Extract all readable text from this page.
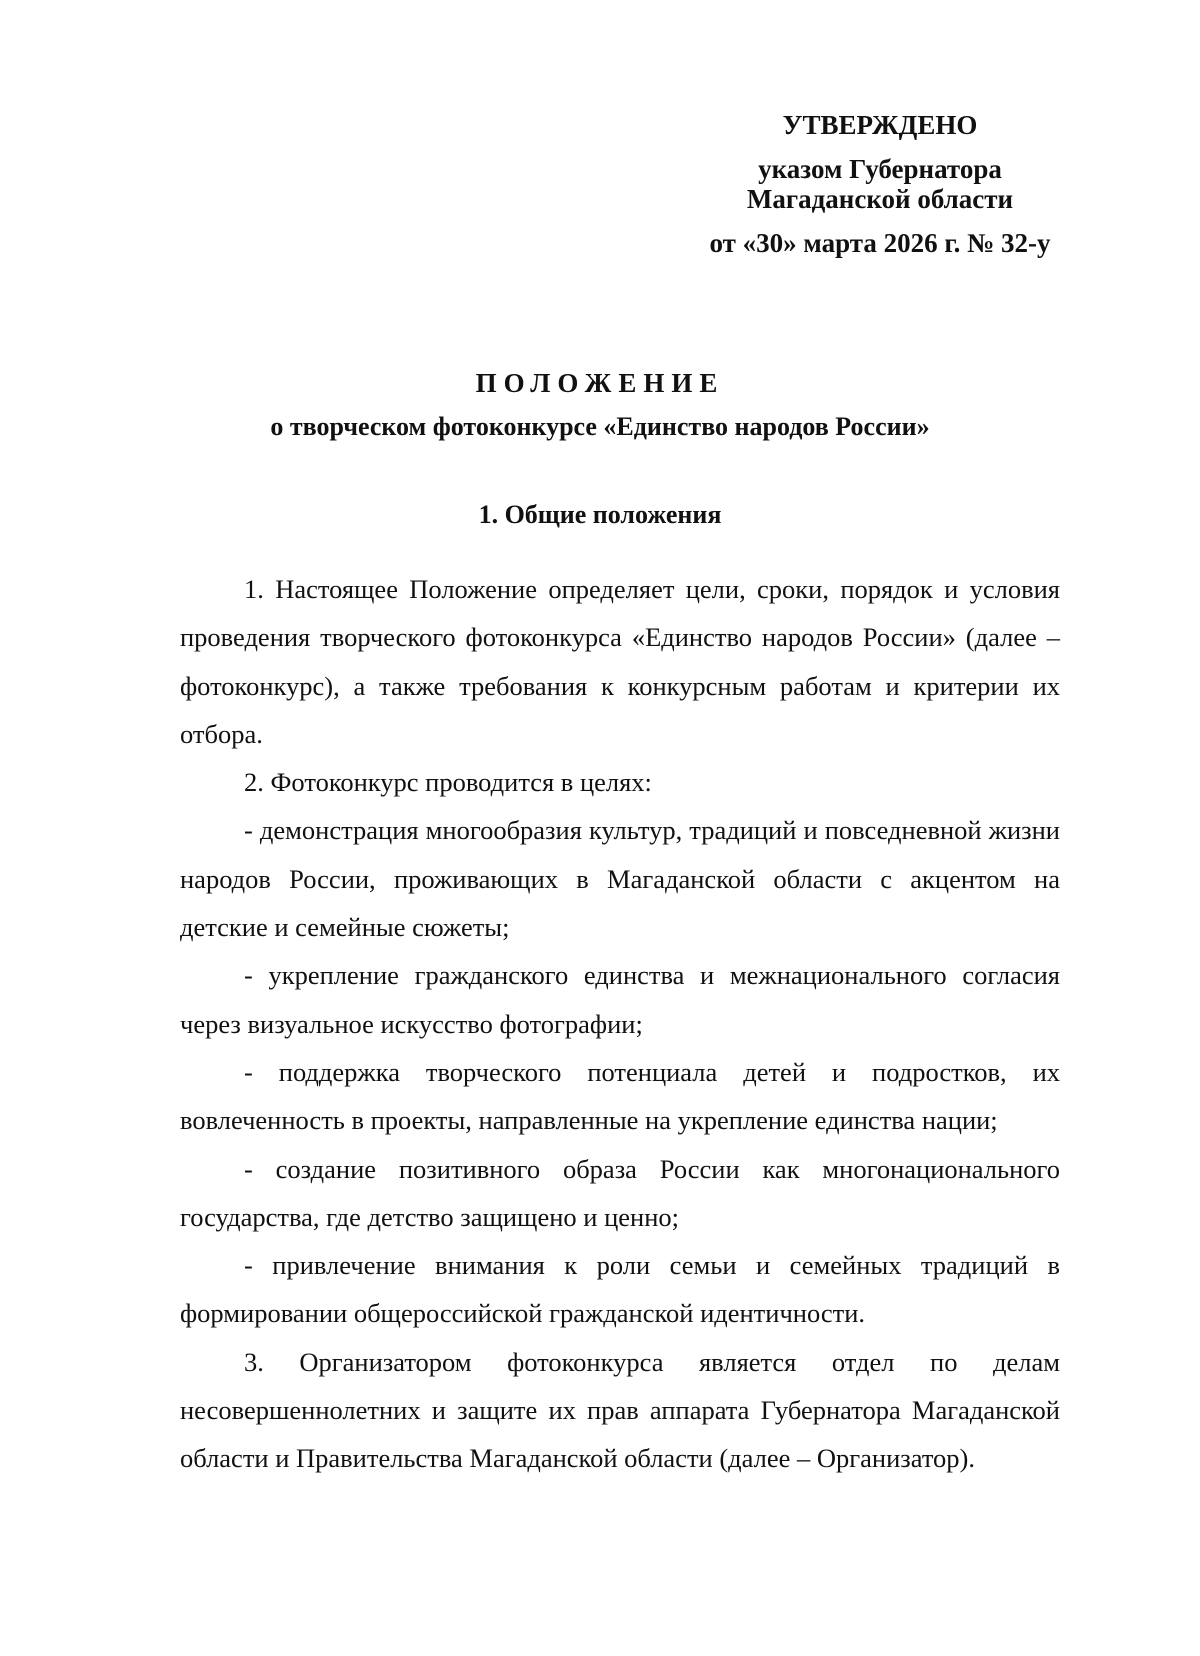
УТВЕРЖДЕНО
указом Губернатора
Магаданской области
от «30» марта 2026 г. № 32-у
ПОЛОЖЕНИЕ
о творческом фотоконкурсе «Единство народов России»
1. Общие положения

1. Настоящее Положение определяет цели, сроки, порядок и условия проведения творческого фотоконкурса «Единство народов России» (далее – фотоконкурс), а также требования к конкурсным работам и критерии их отбора.

2. Фотоконкурс проводится в целях:

- демонстрация многообразия культур, традиций и повседневной жизни народов России, проживающих в Магаданской области с акцентом на детские и семейные сюжеты;

- укрепление гражданского единства и межнационального согласия через визуальное искусство фотографии;

- поддержка творческого потенциала детей и подростков, их вовлеченность в проекты, направленные на укрепление единства нации;

- создание позитивного образа России как многонационального государства, где детство защищено и ценно;

- привлечение внимания к роли семьи и семейных традиций в формировании общероссийской гражданской идентичности.

3. Организатором фотоконкурса является отдел по делам несовершеннолетних и защите их прав аппарата Губернатора Магаданской области и Правительства Магаданской области (далее – Организатор).
